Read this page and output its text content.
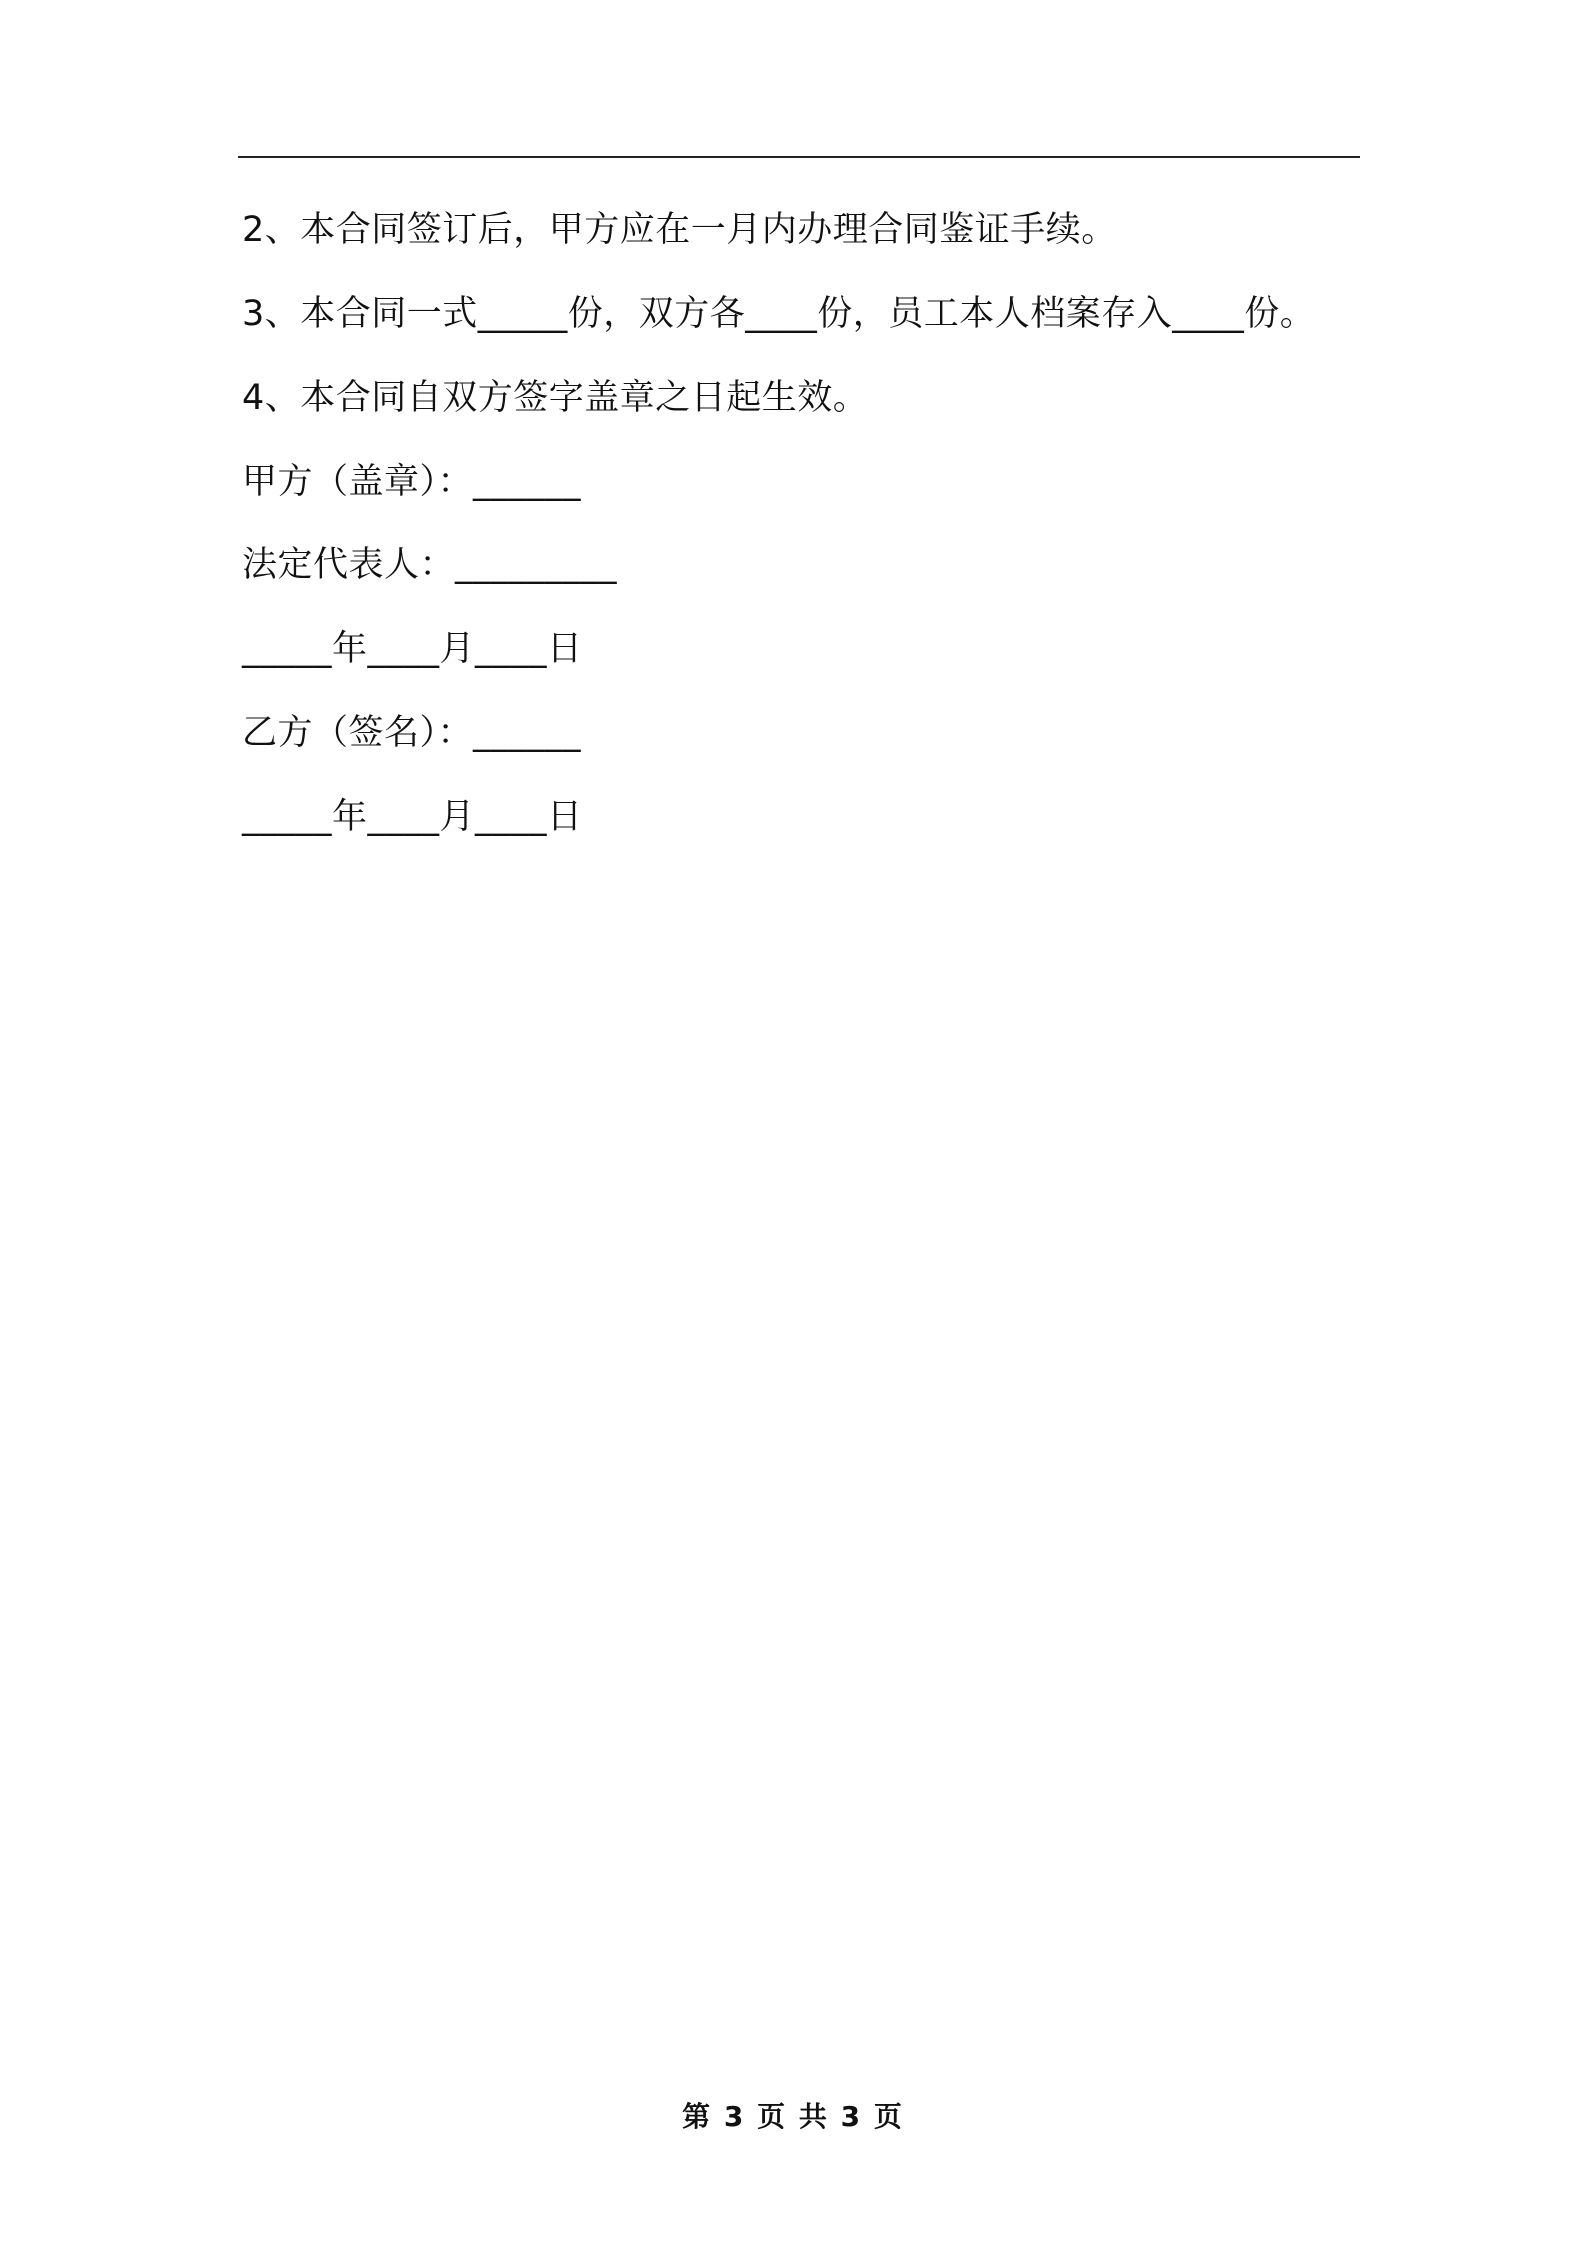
2、本合同签订后，甲方应在一月内办理合同鉴证手续。
3、本合同一式_____份，双方各____份，员工本人档案存入____份。
4、本合同自双方签字盖章之日起生效。
甲方（盖章）：______
法定代表人：_________
_____年____月____日
乙方（签名）：______
_____年____月____日
第 3 页 共 3 页
